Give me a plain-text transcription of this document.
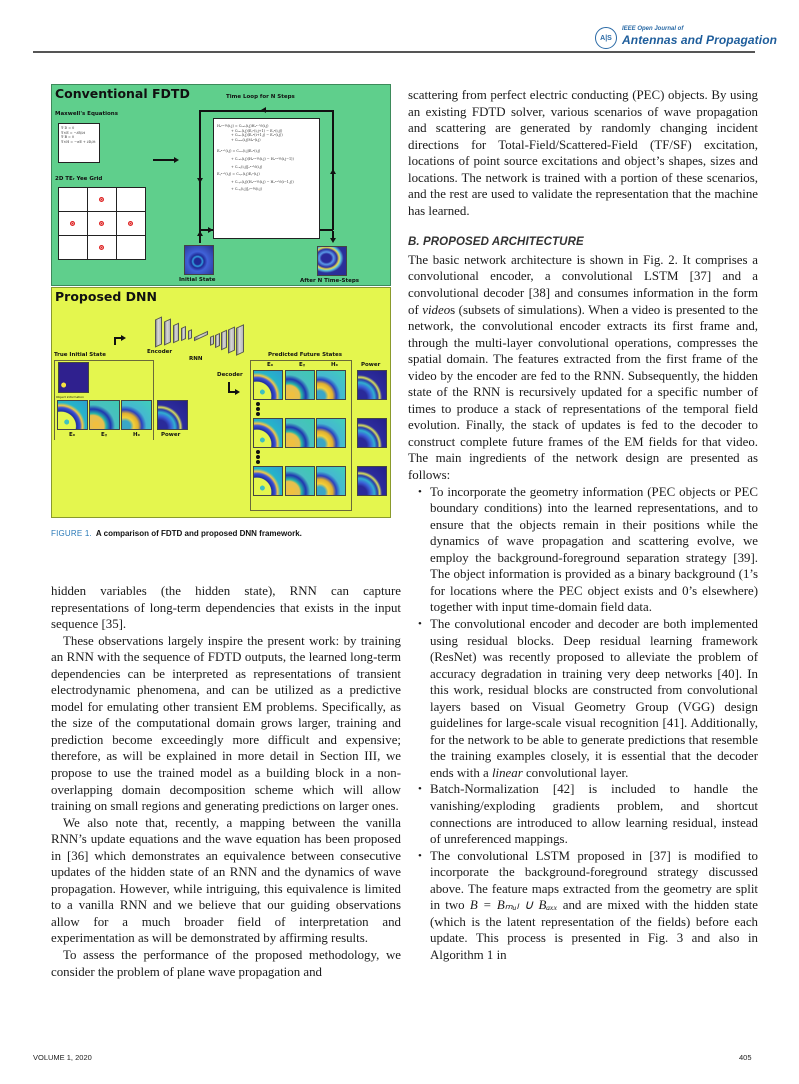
A|S
IEEE Open Journal of
Antennas and Propagation
Conventional FDTD
Maxwell's Equations
∇·D = 0
∇×E = −∂B/∂t
∇·B = 0
∇×H = −σE + ∂D/∂t
2D TEᵣ Yee Grid
Time Loop for N Steps
Hₓⁿ⁺½(i,j) = Cₕₓₕ(i,j)Hₓⁿ⁻½(i,j)
+ Cₕₓₑ(i,j)(Eᵧⁿ(i,j+1) − Eᵧⁿ(i,j))
+ Cₕₓₑ(i,j)(Eₓⁿ(i+1,j) − Eₓⁿ(i,j))
+ Cₕₓₘ(i,j)Mₓⁿ(i,j)
Eₓⁿ⁺¹(i,j) = Cₑₓₑ(i,j)Eₓⁿ(i,j)
+ Cₑₓₕ(i,j)(Hₓⁿ⁺½(i,j) − Hₓⁿ⁺½(i,j−1))
+ Cₑₓⱼ(i,j)Jₓⁿ⁺½(i,j)
Eᵧⁿ⁺¹(i,j) = Cₑᵧₑ(i,j)Eᵧⁿ(i,j)
+ Cₑᵧₕ(i,j)(Hₓⁿ⁺½(i,j) − Hₓⁿ⁺½(i−1,j))
+ Cₑᵧⱼ(i,j)Jᵧⁿ⁺½(i,j)
Initial State	After N Time-Steps
Proposed DNN
Encoder
RNN
Decoder
True Initial State
Object information
Eₓ	Eᵧ	Hₓ	Power
Predicted Future States
Eₓ	Eᵧ	Hₓ	Power
FIGURE 1. A comparison of FDTD and proposed DNN framework.

hidden variables (the hidden state), RNN can capture representations of long-term dependencies that exists in the input sequence [35].

These observations largely inspire the present work: by training an RNN with the sequence of FDTD outputs, the learned long-term dependencies can be interpreted as representations of transient electrodynamic phenomena, and can be utilized as a predictive model for emulating other transient EM problems. Specifically, as the size of the computational domain grows larger, training and prediction become exceedingly more difficult and expensive; therefore, as will be explained in more detail in Section III, we propose to use the trained model as a building block in a non-overlapping domain decomposition scheme which will allow training on small regions and generating predictions on larger ones.

We also note that, recently, a mapping between the vanilla RNN’s update equations and the wave equation has been proposed in [36] which demonstrates an equivalence between consecutive updates of the hidden state of an RNN and the dynamics of wave propagation. However, while intriguing, this equivalence is limited to a vanilla RNN and we believe that our guiding observations allow for a much broader field of interpretation and experimentation as will be demonstrated by affirming results.

To assess the performance of the proposed methodology, we consider the problem of plane wave propagation and

scattering from perfect electric conducting (PEC) objects. By using an existing FDTD solver, various scenarios of wave propagation and scattering are generated by randomly changing incident directions for Total-Field/Scattered-Field (TF/SF) excitation, locations of point source excitations and object’s shapes, sizes and locations. The network is trained with a portion of these scenarios, and the rest are used to validate the representation that the machine has learned.

B. PROPOSED ARCHITECTURE

The basic network architecture is shown in Fig. 2. It comprises a convolutional encoder, a convolutional LSTM [37] and a convolutional decoder [38] and consumes information in the form of videos (subsets of simulations). When a video is presented to the network, the convolutional encoder extracts its first frame and, through the multi-layer convolutional operations, compresses the spatial domain. The features extracted from the first frame of the video by the encoder are fed to the RNN. Subsequently, the hidden state of the RNN is recursively updated for a specific number of times to produce a stack of representations of the temporal field evolution. Finally, the stack of updates is fed to the decoder to construct complete future frames of the EM fields for that video. The main ingredients of the network design are presented as follows:

• To incorporate the geometry information (PEC objects or PEC boundary conditions) into the learned representations, and to ensure that the objects remain in their positions while the dynamics of wave propagation and scattering evolve, we employ the background-foreground separation strategy [39]. The object information is provided as a binary background (1’s for locations where the PEC object exists and 0’s elsewhere) together with input time-domain field data.
• The convolutional encoder and decoder are both implemented using residual blocks. Deep residual learning framework (ResNet) was recently proposed to alleviate the problem of accuracy degradation in training very deep networks [40]. In this work, residual blocks are constructed from convolutional layers based on Visual Geometry Group (VGG) design guidelines for large-scale visual recognition [41]. Additionally, for the network to be able to generate predictions that resemble the training examples closely, it is essential that the decoder ends with a linear convolutional layer.
• Batch-Normalization [42] is included to handle the vanishing/exploding gradients problem, and shortcut connections are introduced to allow learning residual, instead of unreferenced mappings.
• The convolutional LSTM proposed in [37] is modified to incorporate the background-foreground strategy discussed above. The feature maps extracted from the geometry are split in two B = Bₘᵤₗ ∪ Bₐₓₓ and are mixed with the hidden state (which is the latent representation of the fields) before each update. This process is presented in Fig. 3 and also in Algorithm 1 in
VOLUME 1, 2020	405
